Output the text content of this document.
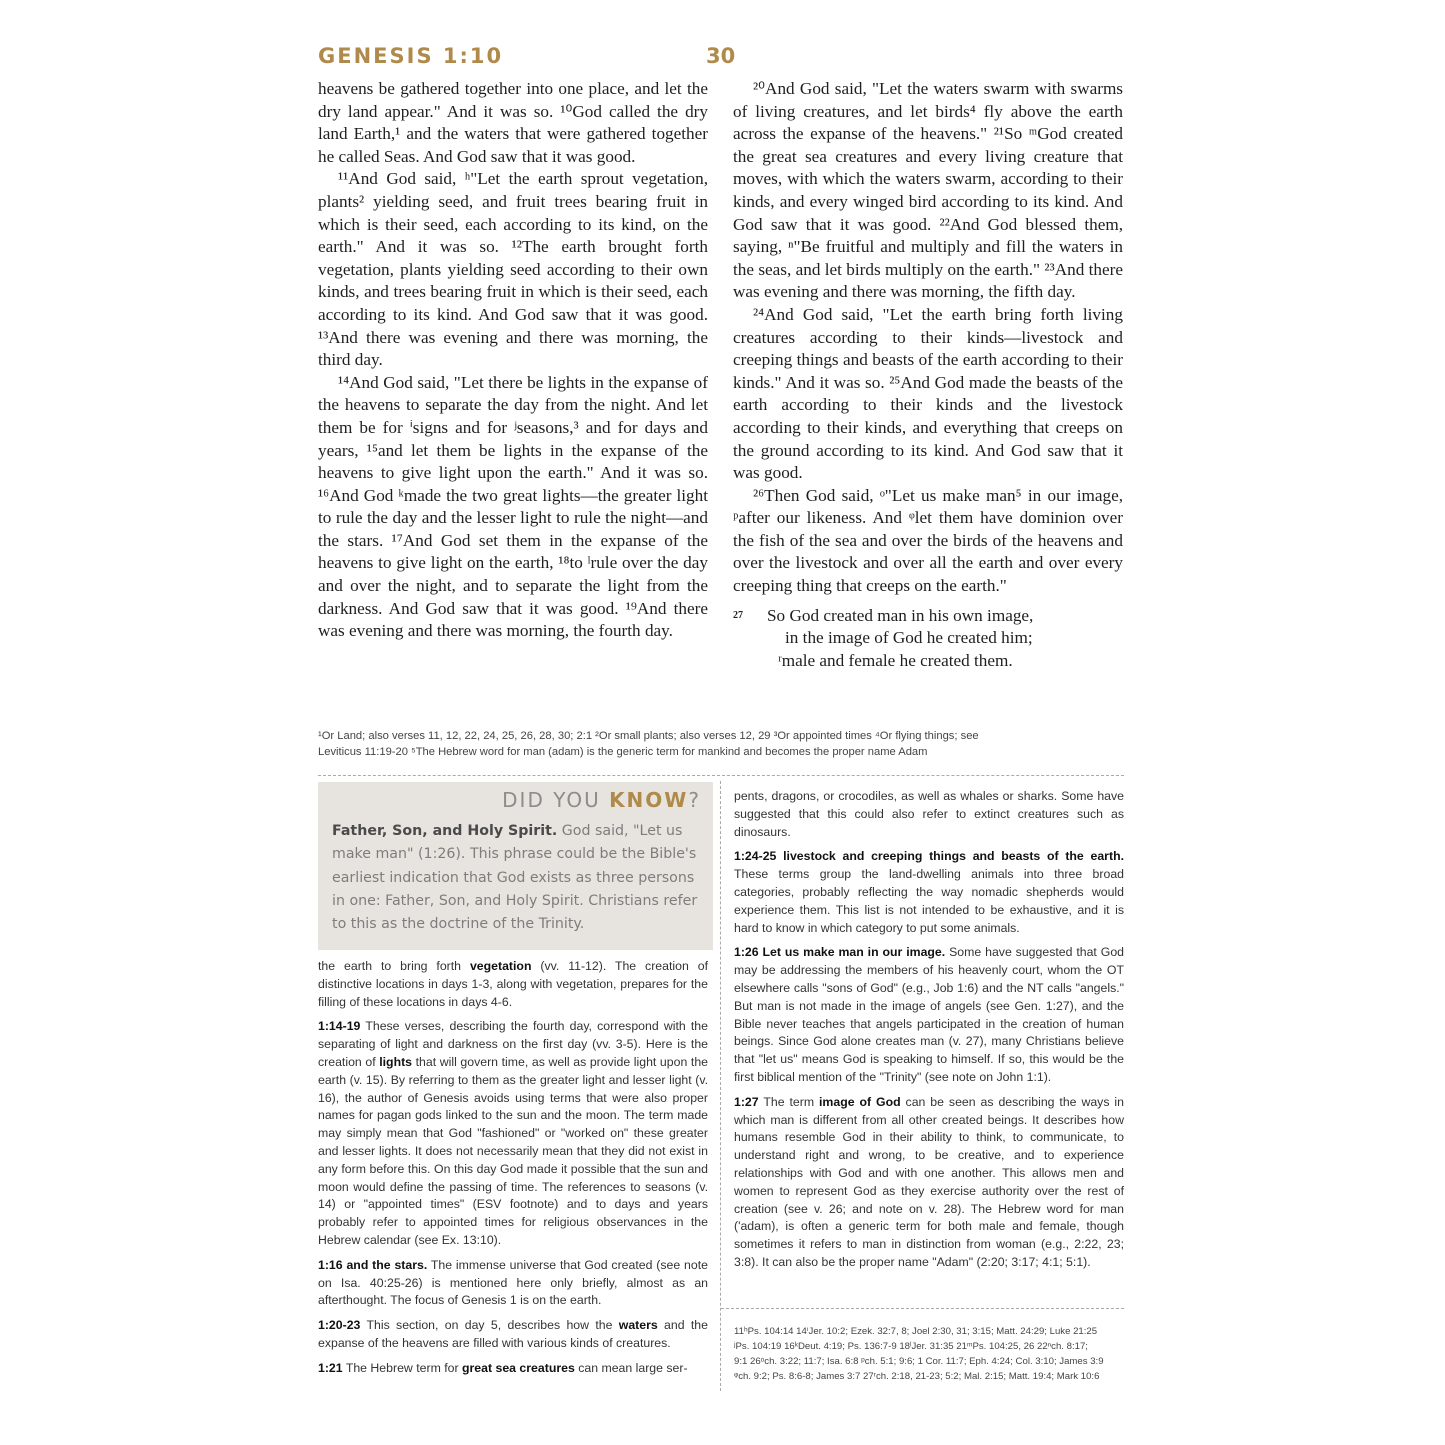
GENESIS 1:10	30

heavens be gathered together into one place, and let the dry land appear." And it was so. ¹⁰God called the dry land Earth,¹ and the waters that were gathered together he called Seas. And God saw that it was good.

¹¹And God said, ʰ"Let the earth sprout vegetation, plants² yielding seed, and fruit trees bearing fruit in which is their seed, each according to its kind, on the earth." And it was so. ¹²The earth brought forth vegetation, plants yielding seed according to their own kinds, and trees bearing fruit in which is their seed, each according to its kind. And God saw that it was good. ¹³And there was evening and there was morning, the third day.

¹⁴And God said, "Let there be lights in the expanse of the heavens to separate the day from the night. And let them be for ⁱsigns and for ʲseasons,³ and for days and years, ¹⁵and let them be lights in the expanse of the heavens to give light upon the earth." And it was so. ¹⁶And God ᵏmade the two great lights—the greater light to rule the day and the lesser light to rule the night—and the stars. ¹⁷And God set them in the expanse of the heavens to give light on the earth, ¹⁸to ˡrule over the day and over the night, and to separate the light from the darkness. And God saw that it was good. ¹⁹And there was evening and there was morning, the fourth day.

²⁰And God said, "Let the waters swarm with swarms of living creatures, and let birds⁴ fly above the earth across the expanse of the heavens." ²¹So ᵐGod created the great sea creatures and every living creature that moves, with which the waters swarm, according to their kinds, and every winged bird according to its kind. And God saw that it was good. ²²And God blessed them, saying, ⁿ"Be fruitful and multiply and fill the waters in the seas, and let birds multiply on the earth." ²³And there was evening and there was morning, the fifth day.

²⁴And God said, "Let the earth bring forth living creatures according to their kinds—livestock and creeping things and beasts of the earth according to their kinds." And it was so. ²⁵And God made the beasts of the earth according to their kinds and the livestock according to their kinds, and everything that creeps on the ground according to its kind. And God saw that it was good.

²⁶Then God said, ᵒ"Let us make man⁵ in our image, ᵖafter our likeness. And ᵠlet them have dominion over the fish of the sea and over the birds of the heavens and over the livestock and over all the earth and over every creeping thing that creeps on the earth."

27 So God created man in his own image,
in the image of God he created him;
ʳmale and female he created them.

¹Or Land; also verses 11, 12, 22, 24, 25, 26, 28, 30; 2:1 ²Or small plants; also verses 12, 29 ³Or appointed times ⁴Or flying things; see
Leviticus 11:19-20 ⁵The Hebrew word for man (adam) is the generic term for mankind and becomes the proper name Adam
DID YOU KNOW?
Father, Son, and Holy Spirit. God said, "Let us make man" (1:26). This phrase could be the Bible's earliest indication that God exists as three persons in one: Father, Son, and Holy Spirit. Christians refer to this as the doctrine of the Trinity.

the earth to bring forth vegetation (vv. 11-12). The creation of distinctive locations in days 1-3, along with vegetation, prepares for the filling of these locations in days 4-6.

1:14-19 These verses, describing the fourth day, correspond with the separating of light and darkness on the first day (vv. 3-5). Here is the creation of lights that will govern time, as well as provide light upon the earth (v. 15). By referring to them as the greater light and lesser light (v. 16), the author of Genesis avoids using terms that were also proper names for pagan gods linked to the sun and the moon. The term made may simply mean that God "fashioned" or "worked on" these greater and lesser lights. It does not necessarily mean that they did not exist in any form before this. On this day God made it possible that the sun and moon would define the passing of time. The references to seasons (v. 14) or "appointed times" (ESV footnote) and to days and years probably refer to appointed times for religious observances in the Hebrew calendar (see Ex. 13:10).

1:16 and the stars. The immense universe that God created (see note on Isa. 40:25-26) is mentioned here only briefly, almost as an afterthought. The focus of Genesis 1 is on the earth.

1:20-23 This section, on day 5, describes how the waters and the expanse of the heavens are filled with various kinds of creatures.

1:21 The Hebrew term for great sea creatures can mean large ser-

pents, dragons, or crocodiles, as well as whales or sharks. Some have suggested that this could also refer to extinct creatures such as dinosaurs.

1:24-25 livestock and creeping things and beasts of the earth. These terms group the land-dwelling animals into three broad categories, probably reflecting the way nomadic shepherds would experience them. This list is not intended to be exhaustive, and it is hard to know in which category to put some animals.

1:26 Let us make man in our image. Some have suggested that God may be addressing the members of his heavenly court, whom the OT elsewhere calls "sons of God" (e.g., Job 1:6) and the NT calls "angels." But man is not made in the image of angels (see Gen. 1:27), and the Bible never teaches that angels participated in the creation of human beings. Since God alone creates man (v. 27), many Christians believe that "let us" means God is speaking to himself. If so, this would be the first biblical mention of the "Trinity" (see note on John 1:1).

1:27 The term image of God can be seen as describing the ways in which man is different from all other created beings. It describes how humans resemble God in their ability to think, to communicate, to understand right and wrong, to be creative, and to experience relationships with God and with one another. This allows men and women to represent God as they exercise authority over the rest of creation (see v. 26; and note on v. 28). The Hebrew word for man ('adam), is often a generic term for both male and female, though sometimes it refers to man in distinction from woman (e.g., 2:22, 23; 3:8). It can also be the proper name "Adam" (2:20; 3:17; 4:1; 5:1).

11ʰPs. 104:14 14ⁱJer. 10:2; Ezek. 32:7, 8; Joel 2:30, 31; 3:15; Matt. 24:29; Luke 21:25
ʲPs. 104:19 16ᵏDeut. 4:19; Ps. 136:7-9 18ˡJer. 31:35 21ᵐPs. 104:25, 26 22ⁿch. 8:17;
9:1 26ᵒch. 3:22; 11:7; Isa. 6:8 ᵖch. 5:1; 9:6; 1 Cor. 11:7; Eph. 4:24; Col. 3:10; James 3:9
ᵠch. 9:2; Ps. 8:6-8; James 3:7 27ʳch. 2:18, 21-23; 5:2; Mal. 2:15; Matt. 19:4; Mark 10:6
